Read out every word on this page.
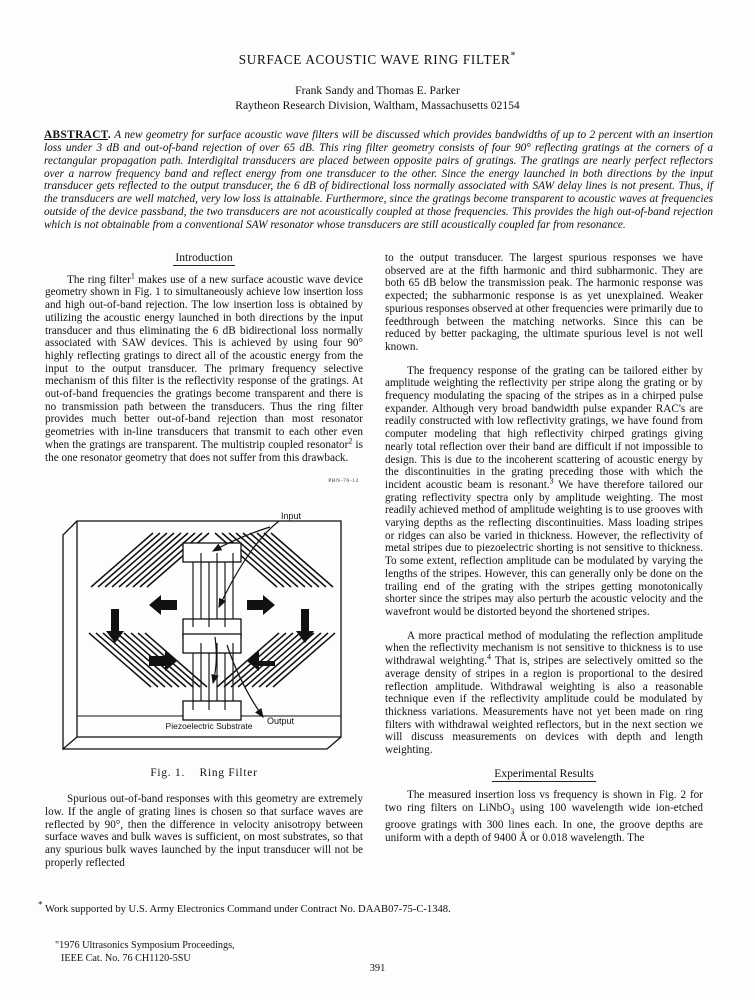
SURFACE ACOUSTIC WAVE RING FILTER*
Frank Sandy and Thomas E. Parker
Raytheon Research Division, Waltham, Massachusetts 02154
ABSTRACT. A new geometry for surface acoustic wave filters will be discussed which provides bandwidths of up to 2 percent with an insertion loss under 3 dB and out-of-band rejection of over 65 dB. This ring filter geometry consists of four 90° reflecting gratings at the corners of a rectangular propagation path. Interdigital transducers are placed between opposite pairs of gratings. The gratings are nearly perfect reflectors over a narrow frequency band and reflect energy from one transducer to the other. Since the energy launched in both directions by the input transducer gets reflected to the output transducer, the 6 dB of bidirectional loss normally associated with SAW delay lines is not present. Thus, if the transducers are well matched, very low loss is attainable. Furthermore, since the gratings become transparent to acoustic waves at frequencies outside of the device passband, the two transducers are not acoustically coupled at those frequencies. This provides the high out-of-band rejection which is not obtainable from a conventional SAW resonator whose transducers are still acoustically coupled far from resonance.
Introduction

The ring filter$^1$ makes use of a new surface acoustic wave device geometry shown in Fig. 1 to simultaneously achieve low insertion loss and high out-of-band rejection. The low insertion loss is obtained by utilizing the acoustic energy launched in both directions by the input transducer and thus eliminating the 6 dB bidirectional loss normally associated with SAW devices. This is achieved by using four 90° highly reflecting gratings to direct all of the acoustic energy from the input to the output transducer. The primary frequency selective mechanism of this filter is the reflectivity response of the gratings. At out-of-band frequencies the gratings become transparent and there is no transmission path between the transducers. Thus the ring filter provides much better out-of-band rejection than most resonator geometries with in-line transducers that transmit to each other even when the gratings are transparent. The multistrip coupled resonator$^2$ is the one resonator geometry that does not suffer from this drawback.

PBN-76-12
Piezoelectric Substrate
Input
Output
Fig. 1. Ring Filter

Spurious out-of-band responses with this geometry are extremely low. If the angle of grating lines is chosen so that surface waves are reflected by 90°, then the difference in velocity anisotropy between surface waves and bulk waves is sufficient, on most substrates, so that any spurious bulk waves launched by the input transducer will not be properly reflected

to the output transducer. The largest spurious responses we have observed are at the fifth harmonic and third subharmonic. They are both 65 dB below the transmission peak. The harmonic response was expected; the subharmonic response is as yet unexplained. Weaker spurious responses observed at other frequencies were primarily due to feedthrough between the matching networks. Since this can be reduced by better packaging, the ultimate spurious level is not well known.

The frequency response of the grating can be tailored either by amplitude weighting the reflectivity per stripe along the grating or by frequency modulating the spacing of the stripes as in a chirped pulse expander. Although very broad bandwidth pulse expander RAC's are readily constructed with low reflectivity gratings, we have found from computer modeling that high reflectivity chirped gratings giving nearly total reflection over their band are difficult if not impossible to design. This is due to the incoherent scattering of acoustic energy by the discontinuities in the grating preceding those with which the incident acoustic beam is resonant.$^3$ We have therefore tailored our grating reflectivity spectra only by amplitude weighting. The most readily achieved method of amplitude weighting is to use grooves with varying depths as the reflecting discontinuities. Mass loading stripes or ridges can also be varied in thickness. However, the reflectivity of metal stripes due to piezoelectric shorting is not sensitive to thickness. To some extent, reflection amplitude can be modulated by varying the lengths of the stripes. However, this can generally only be done on the trailing end of the grating with the stripes getting monotonically shorter since the stripes may also perturb the acoustic velocity and the wavefront would be distorted beyond the shortened stripes.

A more practical method of modulating the reflection amplitude when the reflectivity mechanism is not sensitive to thickness is to use withdrawal weighting.$^4$ That is, stripes are selectively omitted so the average density of stripes in a region is proportional to the desired reflection amplitude. Withdrawal weighting is also a reasonable technique even if the reflectivity amplitude could be modulated by thickness variations. Measurements have not yet been made on ring filters with withdrawal weighted reflectors, but in the next section we will discuss measurements on devices with depth and length weighting.

Experimental Results

The measured insertion loss vs frequency is shown in Fig. 2 for two ring filters on LiNbO$_3$ using 100 wavelength wide ion-etched groove gratings with 300 lines each. In one, the groove depths are uniform with a depth of 9400 Å or 0.018 wavelength. The

* Work supported by U.S. Army Electronics Command under Contract No. DAAB07-75-C-1348.
"1976 Ultrasonics Symposium Proceedings,
IEEE Cat. No. 76 CH1120-5SU
391
